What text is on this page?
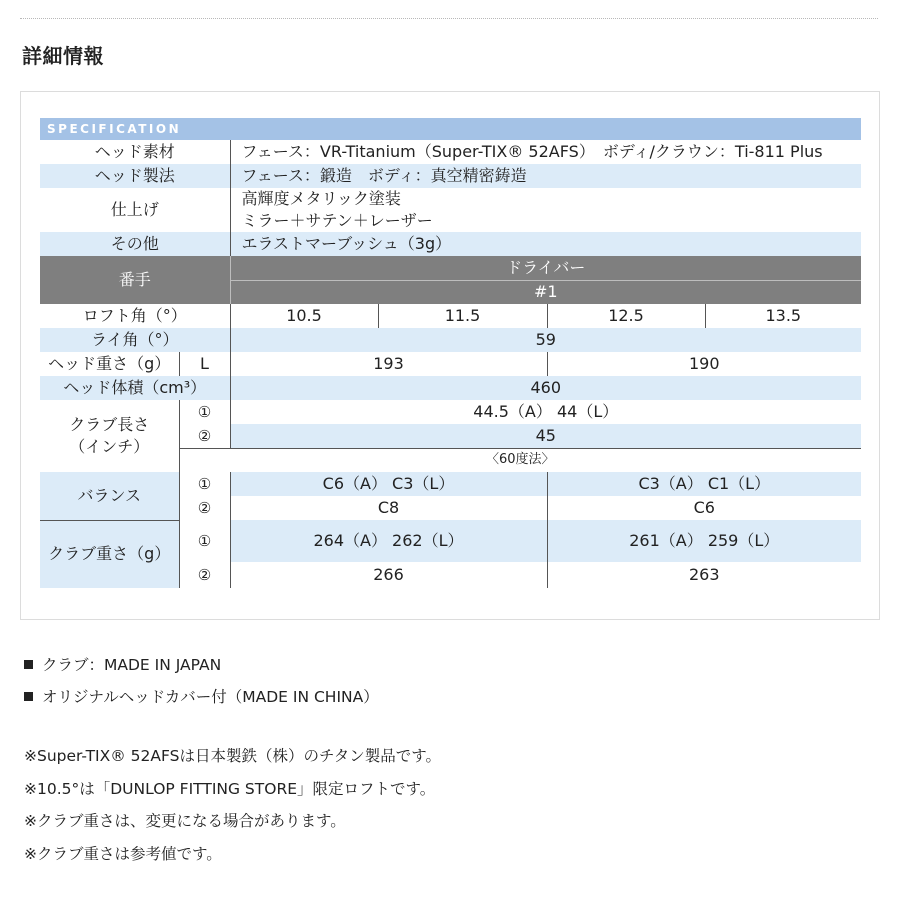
詳細情報
SPECIFICATION					
ヘッド素材		フェース：VR-Titanium（Super-TIX® 52AFS）　ボディ/クラウン：Ti-811 Plus			
ヘッド製法		フェース：鍛造　ボディ：真空精密鋳造			
仕上げ		高輝度メタリック塗装
ミラー＋サテン＋レーザー			

その他		エラストマーブッシュ（3g）			
番手		ドライバー			
		#1			
ロフト角（°）		10.5	11.5	12.5	13.5
ライ角（°）		59			
ヘッド重さ（g）	L	193		190	
ヘッド体積（cm³）		460			

クラブ長さ
（インチ）	①	44.5（A） 44（L）			
	②	45			
	〈60度法〉				
バランス	①	C6（A） C3（L）		C3（A） C1（L）	
	②	C8		C6	
クラブ重さ（g）	①	264（A） 262（L）		261（A） 259（L）	
	②	266		263	
クラブ：MADE IN JAPAN
オリジナルヘッドカバー付（MADE IN CHINA）

※Super-TIX® 52AFSは日本製鉄（株）のチタン製品です。

※10.5°は「DUNLOP FITTING STORE」限定ロフトです。

※クラブ重さは、変更になる場合があります。

※クラブ重さは参考値です。
